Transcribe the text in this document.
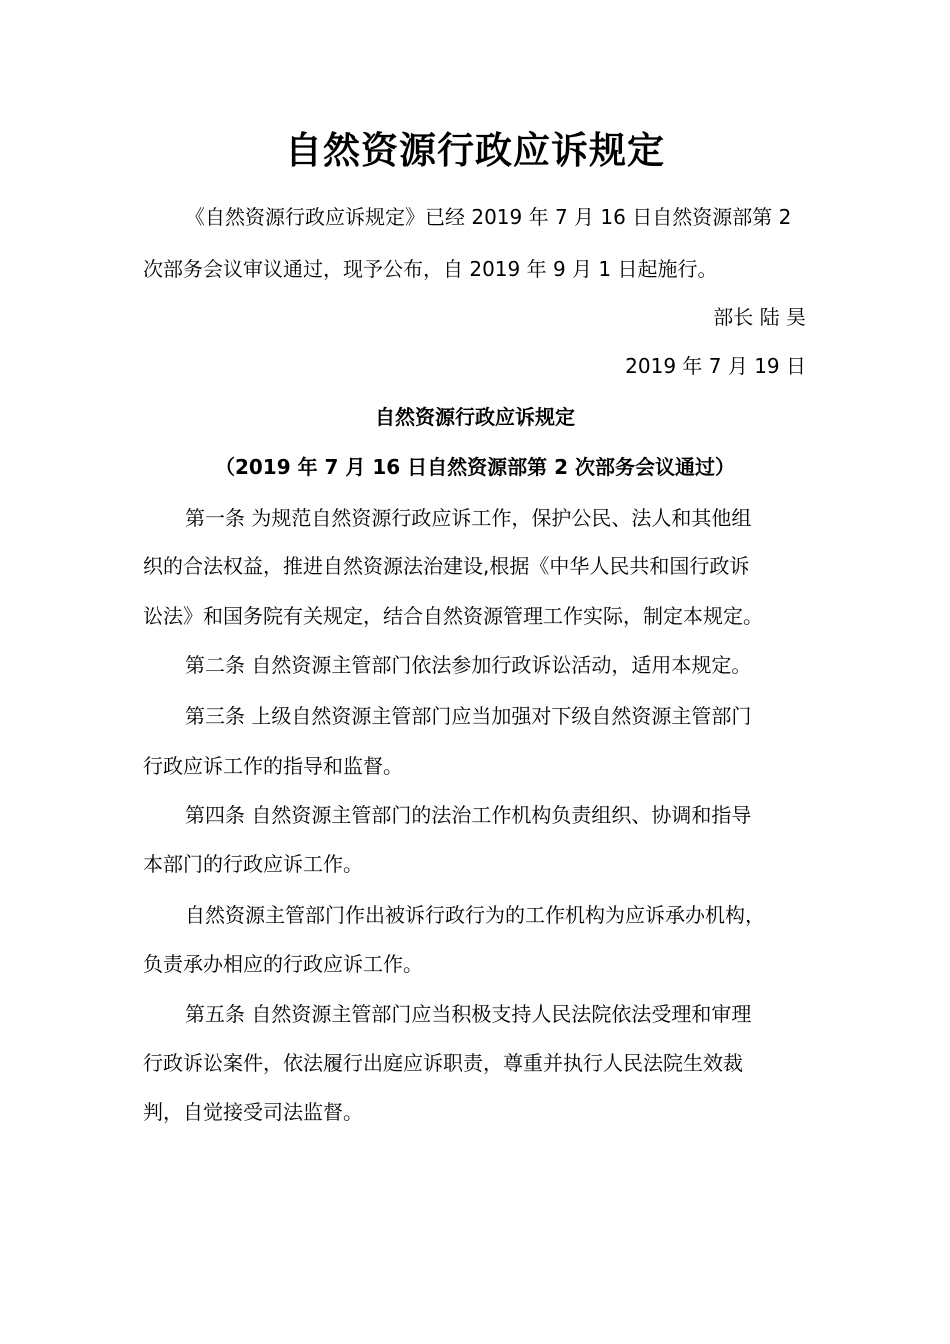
自然资源行政应诉规定

《自然资源行政应诉规定》已经 2019 年 7 月 16 日自然资源部第 2

次部务会议审议通过，现予公布，自 2019 年 9 月 1 日起施行。

部长 陆 昊

2019 年 7 月 19 日

自然资源行政应诉规定

（2019 年 7 月 16 日自然资源部第 2 次部务会议通过）

第一条 为规范自然资源行政应诉工作，保护公民、法人和其他组

织的合法权益，推进自然资源法治建设,根据《中华人民共和国行政诉

讼法》和国务院有关规定，结合自然资源管理工作实际，制定本规定。

第二条 自然资源主管部门依法参加行政诉讼活动，适用本规定。

第三条 上级自然资源主管部门应当加强对下级自然资源主管部门

行政应诉工作的指导和监督。

第四条 自然资源主管部门的法治工作机构负责组织、协调和指导

本部门的行政应诉工作。

自然资源主管部门作出被诉行政行为的工作机构为应诉承办机构，

负责承办相应的行政应诉工作。

第五条 自然资源主管部门应当积极支持人民法院依法受理和审理

行政诉讼案件，依法履行出庭应诉职责，尊重并执行人民法院生效裁

判，自觉接受司法监督。
